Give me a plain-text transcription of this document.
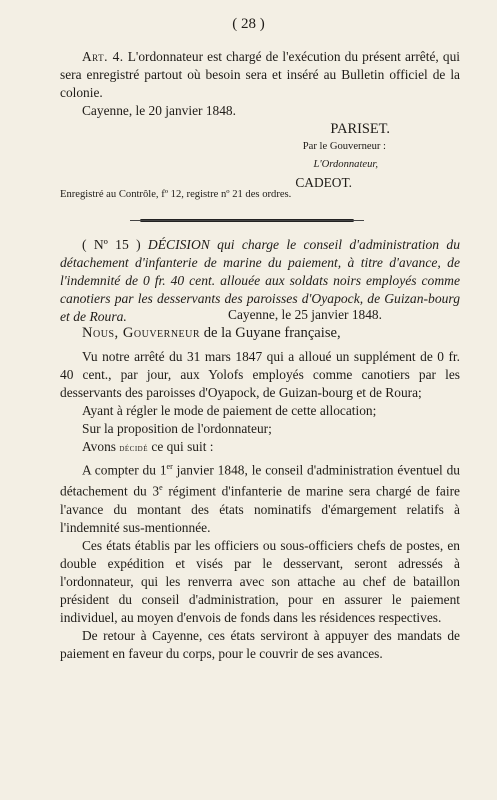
( 28 )

Art. 4. L'ordonnateur est chargé de l'exécution du présent arrêté, qui sera enregistré partout où besoin sera et inséré au Bulletin officiel de la colonie.

Cayenne, le 20 janvier 1848.

PARISET.

Par le Gouverneur :

L'Ordonnateur,

CADEOT.

Enregistré au Contrôle, fº 12, registre nº 21 des ordres.

( Nº 15 ) DÉCISION qui charge le conseil d'administration du détachement d'infanterie de marine du paiement, à titre d'avance, de l'indemnité de 0 fr. 40 cent. allouée aux soldats noirs employés comme canotiers par les desservants des paroisses d'Oyapock, de Guizan-bourg et de Roura.	Cayenne, le 25 janvier 1848.

Nous, Gouverneur de la Guyane française,

Vu notre arrêté du 31 mars 1847 qui a alloué un supplément de 0 fr. 40 cent., par jour, aux Yolofs employés comme canotiers par les desservants des paroisses d'Oyapock, de Guizan-bourg et de Roura;

Ayant à régler le mode de paiement de cette allocation;

Sur la proposition de l'ordonnateur;

Avons décidé ce qui suit :

A compter du 1er janvier 1848, le conseil d'administration éventuel du détachement du 3e régiment d'infanterie de marine sera chargé de faire l'avance du montant des états nominatifs d'émargement relatifs à l'indemnité sus-mentionnée.

Ces états établis par les officiers ou sous-officiers chefs de postes, en double expédition et visés par le desservant, seront adressés à l'ordonnateur, qui les renverra avec son attache au chef de bataillon président du conseil d'administration, pour en assurer le paiement individuel, au moyen d'envois de fonds dans les résidences respectives.

De retour à Cayenne, ces états serviront à appuyer des mandats de paiement en faveur du corps, pour le couvrir de ses avances.
